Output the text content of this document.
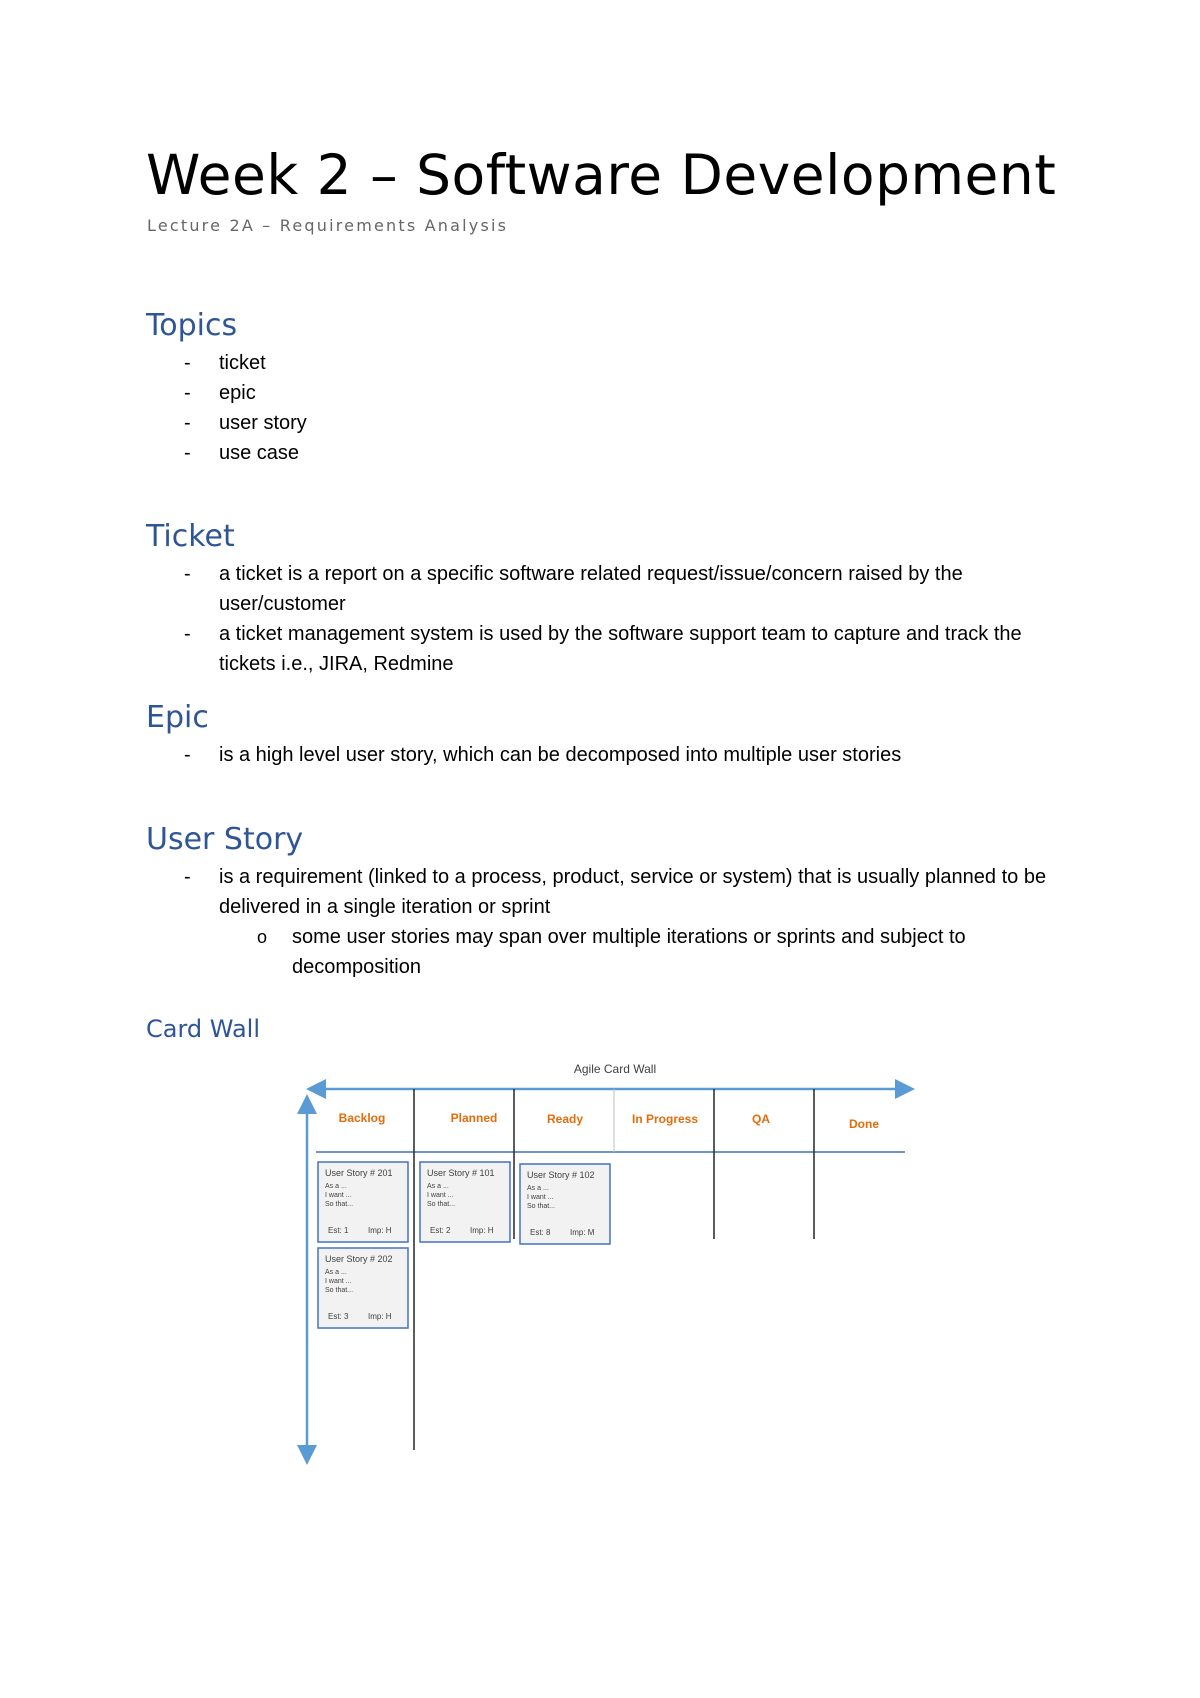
Week 2 – Software Development
Lecture 2A – Requirements Analysis
Topics
- ticket
- epic
- user story
- use case
Ticket
- a ticket is a report on a specific software related request/issue/concern raised by the user/customer
- a ticket management system is used by the software support team to capture and track the tickets i.e., JIRA, Redmine
Epic
- is a high level user story, which can be decomposed into multiple user stories
User Story
- is a requirement (linked to a process, product, service or system) that is usually planned to be delivered in a single iteration or sprint
o some user stories may span over multiple iterations or sprints and subject to decomposition
Card Wall
Agile Card Wall
Backlog	Planned	Ready	In Progress	QA	Done
User Story # 201
As a ...
I want ...
So that...
Est: 1 Imp: H
User Story # 202
As a ...
I want ...
So that...
Est: 3 Imp: H
User Story # 101
As a ...
I want ...
So that...
Est: 2 Imp: H
User Story # 102
As a ...
I want ...
So that...
Est: 8 Imp: M
